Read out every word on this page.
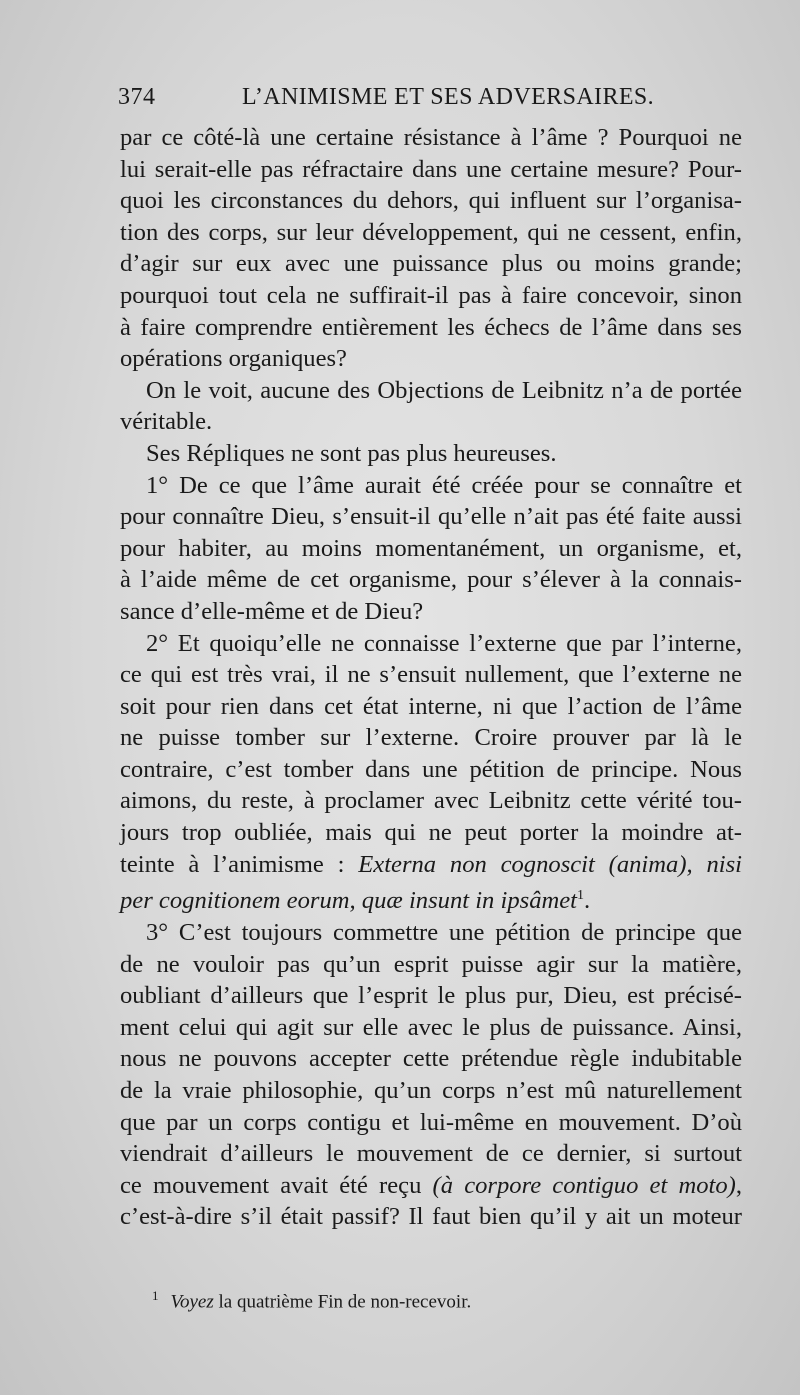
374	L’ANIMISME ET SES ADVERSAIRES.

par ce côté-là une certaine résistance à l’âme ? Pourquoi ne
lui serait-elle pas réfractaire dans une certaine mesure? Pour-
quoi les circonstances du dehors, qui influent sur l’organisa-
tion des corps, sur leur développement, qui ne cessent, enfin,
d’agir sur eux avec une puissance plus ou moins grande;
pourquoi tout cela ne suffirait-il pas à faire concevoir, sinon
à faire comprendre entièrement les échecs de l’âme dans ses
opérations organiques?

On le voit, aucune des Objections de Leibnitz n’a de portée
véritable.

Ses Répliques ne sont pas plus heureuses.

1° De ce que l’âme aurait été créée pour se connaître et
pour connaître Dieu, s’ensuit-il qu’elle n’ait pas été faite aussi
pour habiter, au moins momentanément, un organisme, et,
à l’aide même de cet organisme, pour s’élever à la connais-
sance d’elle-même et de Dieu?

2° Et quoiqu’elle ne connaisse l’externe que par l’interne,
ce qui est très vrai, il ne s’ensuit nullement, que l’externe ne
soit pour rien dans cet état interne, ni que l’action de l’âme
ne puisse tomber sur l’externe. Croire prouver par là le
contraire, c’est tomber dans une pétition de principe. Nous
aimons, du reste, à proclamer avec Leibnitz cette vérité tou-
jours trop oubliée, mais qui ne peut porter la moindre at-
teinte à l’animisme : Externa non cognoscit (anima), nisi
per cognitionem eorum, quæ insunt in ipsâmet$^1$.

3° C’est toujours commettre une pétition de principe que
de ne vouloir pas qu’un esprit puisse agir sur la matière,
oubliant d’ailleurs que l’esprit le plus pur, Dieu, est précisé-
ment celui qui agit sur elle avec le plus de puissance. Ainsi,
nous ne pouvons accepter cette prétendue règle indubitable
de la vraie philosophie, qu’un corps n’est mû naturellement
que par un corps contigu et lui-même en mouvement. D’où
viendrait d’ailleurs le mouvement de ce dernier, si surtout
ce mouvement avait été reçu (à corpore contiguo et moto),
c’est-à-dire s’il était passif? Il faut bien qu’il y ait un moteur

$^1$ Voyez la quatrième Fin de non-recevoir.
